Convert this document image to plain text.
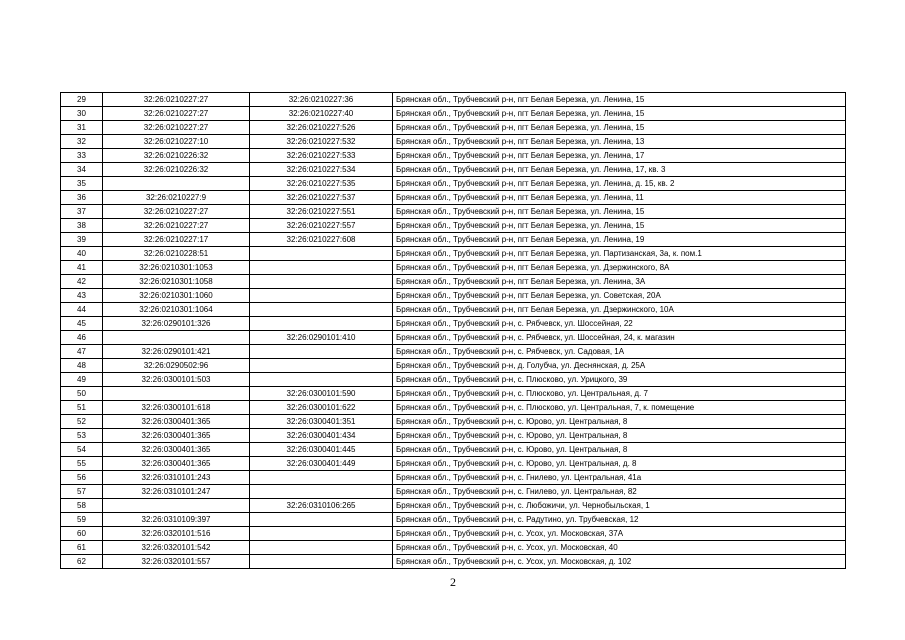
29	32:26:0210227:27	32:26:0210227:36	Брянская обл., Трубчевский р-н, пгт Белая Березка, ул. Ленина, 15
30	32:26:0210227:27	32:26:0210227:40	Брянская обл., Трубчевский р-н, пгт Белая Березка, ул. Ленина, 15
31	32:26:0210227:27	32:26:0210227:526	Брянская обл., Трубчевский р-н, пгт Белая Березка, ул. Ленина, 15
32	32:26:0210227:10	32:26:0210227:532	Брянская обл., Трубчевский р-н, пгт Белая Березка, ул. Ленина, 13
33	32:26:0210226:32	32:26:0210227:533	Брянская обл., Трубчевский р-н, пгт Белая Березка, ул. Ленина, 17
34	32:26:0210226:32	32:26:0210227:534	Брянская обл., Трубчевский р-н, пгт Белая Березка, ул. Ленина, 17, кв. 3
35		32:26:0210227:535	Брянская обл., Трубчевский р-н, пгт Белая Березка, ул. Ленина, д. 15, кв. 2
36	32:26:0210227:9	32:26:0210227:537	Брянская обл., Трубчевский р-н, пгт Белая Березка, ул. Ленина, 11
37	32:26:0210227:27	32:26:0210227:551	Брянская обл., Трубчевский р-н, пгт Белая Березка, ул. Ленина, 15
38	32:26:0210227:27	32:26:0210227:557	Брянская обл., Трубчевский р-н, пгт Белая Березка, ул. Ленина, 15
39	32:26:0210227:17	32:26:0210227:608	Брянская обл., Трубчевский р-н, пгт Белая Березка, ул. Ленина, 19
40	32:26:0210228:51		Брянская обл., Трубчевский р-н, пгт Белая Березка, ул. Партизанская, 3а, к. пом.1
41	32:26:0210301:1053		Брянская обл., Трубчевский р-н, пгт Белая Березка, ул. Дзержинского, 8А
42	32:26:0210301:1058		Брянская обл., Трубчевский р-н, пгт Белая Березка, ул. Ленина, 3А
43	32:26:0210301:1060		Брянская обл., Трубчевский р-н, пгт Белая Березка, ул. Советская, 20А
44	32:26:0210301:1064		Брянская обл., Трубчевский р-н, пгт Белая Березка, ул. Дзержинского, 10А
45	32:26:0290101:326		Брянская обл., Трубчевский р-н, с. Рябчевск, ул. Шоссейная, 22
46		32:26:0290101:410	Брянская обл., Трубчевский р-н, с. Рябчевск, ул. Шоссейная, 24, к. магазин
47	32:26:0290101:421		Брянская обл., Трубчевский р-н, с. Рябчевск, ул. Садовая, 1А
48	32:26:0290502:96		Брянская обл., Трубчевский р-н, д. Голубча, ул. Деснянская, д. 25А
49	32:26:0300101:503		Брянская обл., Трубчевский р-н, с. Плюсково, ул. Урицкого, 39
50		32:26:0300101:590	Брянская обл., Трубчевский р-н, с. Плюсково, ул. Центральная, д. 7
51	32:26:0300101:618	32:26:0300101:622	Брянская обл., Трубчевский р-н, с. Плюсково, ул. Центральная, 7, к. помещение
52	32:26:0300401:365	32:26:0300401:351	Брянская обл., Трубчевский р-н, с. Юрово, ул. Центральная, 8
53	32:26:0300401:365	32:26:0300401:434	Брянская обл., Трубчевский р-н, с. Юрово, ул. Центральная, 8
54	32:26:0300401:365	32:26:0300401:445	Брянская обл., Трубчевский р-н, с. Юрово, ул. Центральная, 8
55	32:26:0300401:365	32:26:0300401:449	Брянская обл., Трубчевский р-н, с. Юрово, ул. Центральная, д. 8
56	32:26:0310101:243		Брянская обл., Трубчевский р-н, с. Гнилево, ул. Центральная, 41а
57	32:26:0310101:247		Брянская обл., Трубчевский р-н, с. Гнилево, ул. Центральная, 82
58		32:26:0310106:265	Брянская обл., Трубчевский р-н, с. Любожичи, ул. Чернобыльская, 1
59	32:26:0310109:397		Брянская обл., Трубчевский р-н, с. Радутино, ул. Трубчевская, 12
60	32:26:0320101:516		Брянская обл., Трубчевский р-н, с. Усох, ул. Московская, 37А
61	32:26:0320101:542		Брянская обл., Трубчевский р-н, с. Усох, ул. Московская, 40
62	32:26:0320101:557		Брянская обл., Трубчевский р-н, с. Усох, ул. Московская, д. 102
2
